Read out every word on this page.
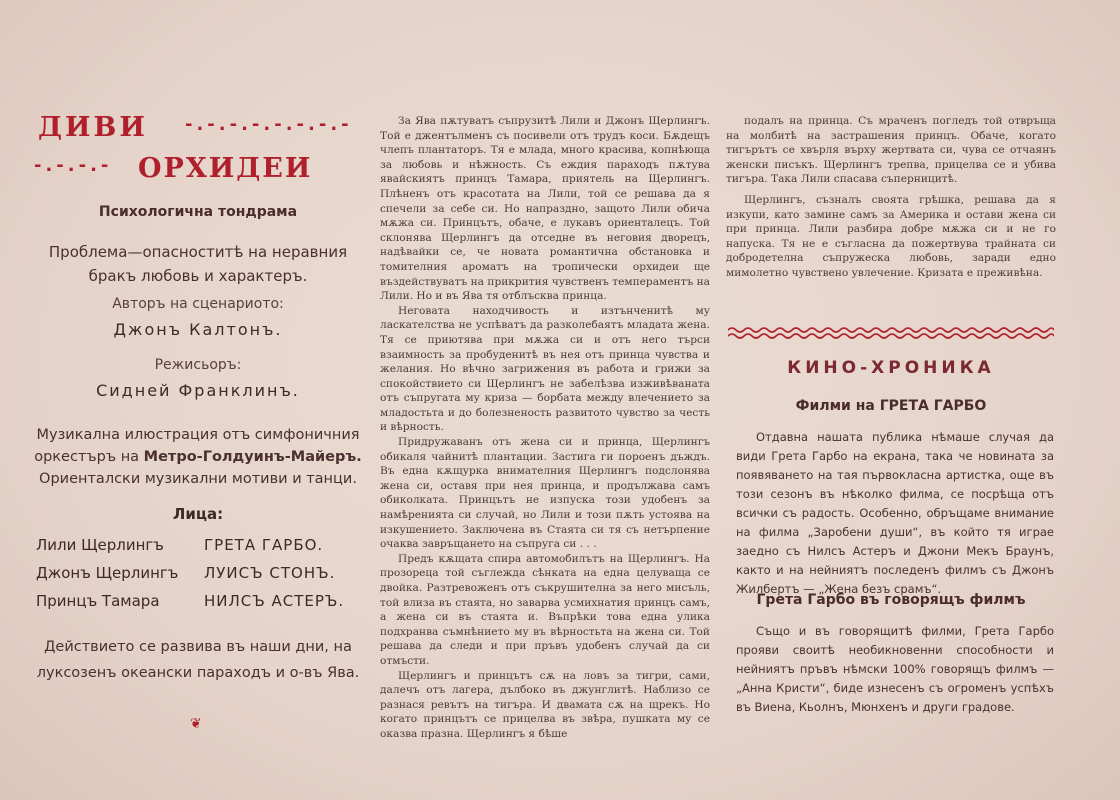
ДИВИ -.-.-.-.-.-.-.-
-.-.-.- ОРХИДЕИ
Психологична тондрама
Проблема—опасноститѣ на неравния бракъ любовь и характеръ.
Авторъ на сценариото:
Джонъ Калтонъ.
Режисьоръ:
Сидней Франклинъ.
Музикална илюстрация отъ симфоничния оркестъръ на Метро-Голдуинъ-Майеръ. Ориенталски музикални мотиви и танци.
Лица:
Лили Щерлингъ	ГРЕТА ГАРБО.
Джонъ Щерлингъ ЛУИСЪ СТОНЪ.
Принцъ Тамара	НИЛСЪ АСТЕРЪ.
Действието се развива въ наши дни, на луксозенъ океански параходъ и о-въ Ява.
❦

За Ява пѫтуватъ съпрузитѣ Лили и Джонъ Щерлингъ. Той е джентълменъ съ посивели отъ трудъ коси. Бѫдещъ члепъ плантаторъ. Тя е млада, много красива, копнѣюща за любовь и нѣжность. Съ еждия параходъ пѫтува явайскиятъ принцъ Тамара, приятель на Щерлингъ. Плѣненъ отъ красотата на Лили, той се решава да я спечели за себе си. Но напраздно, защото Лили обича мѫжа си. Принцътъ, обаче, е лукавъ ориенталецъ. Той склонява Щерлингъ да отседне въ неговия дворецъ, надѣвайки се, че новата романтична обстановка и томителния ароматъ на тропически орхидеи ще въздействуватъ на прикрития чувственъ темпераментъ на Лили. Но и въ Ява тя отблъсква принца.

Неговата находчивость и изтънченитѣ му ласкателства не успѣватъ да разколебаятъ младата жена. Тя се приютява при мѫжа си и отъ него търси взаимность за пробуденитѣ въ нея отъ принца чувства и желания. Но вѣчно загрижения въ работа и грижи за спокойствието си Щерлингъ не забелѣзва изживѣваната отъ съпругата му криза — борбата между влечението за младостьта и до болезненость развитото чувство за честь и вѣрность.

Придружаванъ отъ жена си и принца, Щерлингъ обикаля чайнитѣ плантации. Застига ги пороенъ дъждъ. Въ една кѫщурка внимателния Щерлингъ подслонява жена си, оставя при нея принца, и продължава самъ обиколката. Принцътъ не изпуска този удобенъ за намѣренията си случай, но Лили и този пѫть устоява на изкушението. Заключена въ Стаята си тя съ нетърпение очаква завръщането на съпруга си . . .

Предъ кѫщата спира автомобилътъ на Щерлингъ. На прозореца той съглежда сѣнката на една целуваща се двойка. Разтревоженъ отъ съкрушителна за него мисъль, той влиза въ стаята, но заварва усмихнатия принцъ самъ, а жена си въ стаята и. Въпрѣки това една улика подхранва съмнѣнието му въ вѣрностьта на жена си. Той решава да следи и при пръвъ удобенъ случай да си отмъсти.

Щерлингъ и принцътъ сѫ на ловъ за тигри, сами, далечъ отъ лагера, дълбоко въ джунглитѣ. Наблизо се разнася ревътъ на тигъра. И двамата сѫ на щрекъ. Но когато принцътъ се прицелва въ звѣра, пушката му се оказва празна. Щерлингъ я бѣше

подалъ на принца. Съ мраченъ погледъ той отвръща на молбитѣ на застрашения принцъ. Обаче, когато тигърътъ се хвърля върху жертвата си, чува се отчаянъ женски писъкъ. Щерлингъ трепва, прицелва се и убива тигъра. Така Лили спасава съперницитѣ.

Щерлингъ, съзналъ своята грѣшка, решава да я изкупи, като замине самъ за Америка и остави жена си при принца. Лили разбира добре мѫжа си и не го напуска. Тя не е съгласна да пожертвува трайната си добродетелна съпружеска любовь, заради едно мимолетно чувствено увлечение. Кризата е преживѣна.

КИНО-ХРОНИКА
Филми на ГРЕТА ГАРБО

Отдавна нашата публика нѣмаше случая да види Грета Гарбо на екрана, така че новината за появяването на тая първокласна артистка, още въ този сезонъ въ нѣколко филма, се посрѣща отъ всички съ радость. Особенно, обръщаме внимание на филма „Заробени души“, въ който тя играе заедно съ Нилсъ Астеръ и Джони Мекъ Браунъ, както и на нейниятъ последенъ филмъ съ Джонъ Жилбертъ — „Жена безъ срамъ“.

Грета Гарбо въ говорящъ филмъ

Също и въ говорящитѣ филми, Грета Гарбо прояви своитѣ необикновенни способности и нейниятъ пръвъ нѣмски 100% говорящъ филмъ — „Анна Кристи“, биде изнесенъ съ огроменъ успѣхъ въ Виена, Кьолнъ, Мюнхенъ и други градове.
